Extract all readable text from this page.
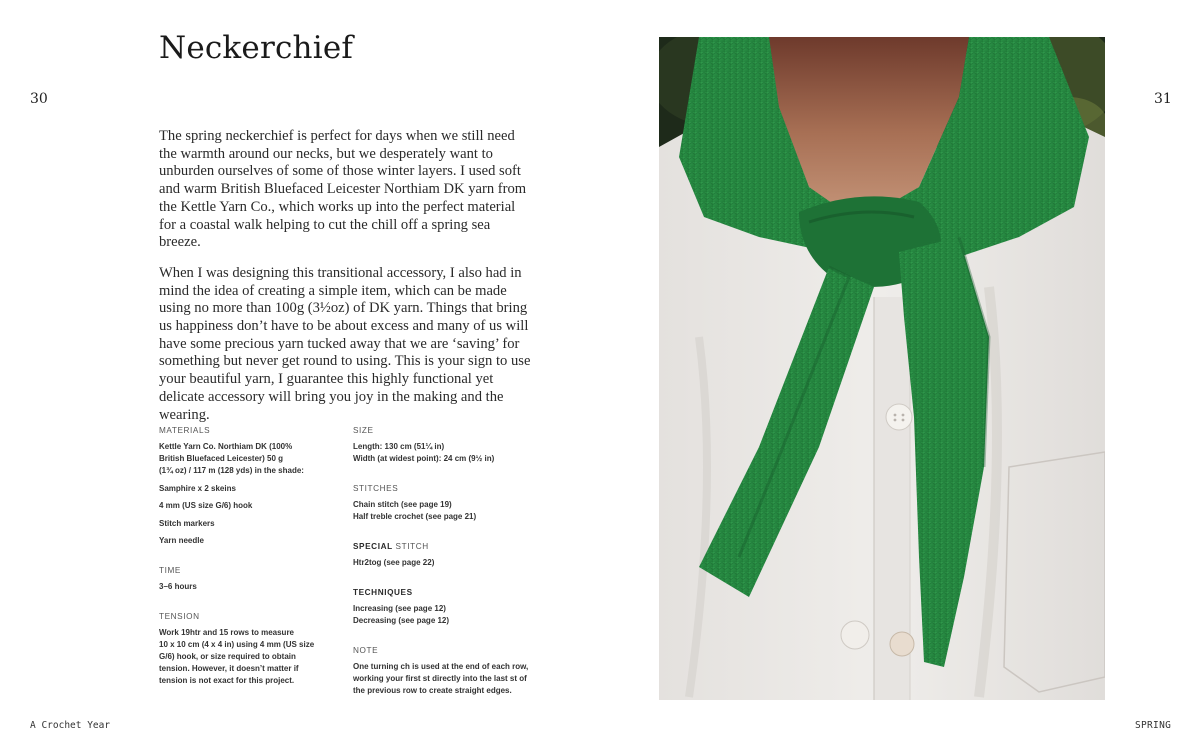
30	31
Neckerchief

The spring neckerchief is perfect for days when we still need the warmth around our necks, but we desperately want to unburden ourselves of some of those winter layers. I used soft and warm British Bluefaced Leicester Northiam DK yarn from the Kettle Yarn Co., which works up into the perfect material for a coastal walk helping to cut the chill off a spring sea breeze.

When I was designing this transitional accessory, I also had in mind the idea of creating a simple item, which can be made using no more than 100g (3½oz) of DK yarn. Things that bring us happiness don’t have to be about excess and many of us will have some precious yarn tucked away that we are ‘saving’ for something but never get round to using. This is your sign to use your beautiful yarn, I guarantee this highly functional yet delicate accessory will bring you joy in the making and the wearing.

MATERIALS
Kettle Yarn Co. Northiam DK (100%
British Bluefaced Leicester) 50 g
(1¾ oz) / 117 m (128 yds) in the shade:
Samphire x 2 skeins
4 mm (US size G/6) hook
Stitch markers
Yarn needle
TIME
3–6 hours
TENSION
Work 19htr and 15 rows to measure
10 x 10 cm (4 x 4 in) using 4 mm (US size
G/6) hook, or size required to obtain
tension. However, it doesn’t matter if
tension is not exact for this project.
SIZE
Length: 130 cm (51¼ in)
Width (at widest point): 24 cm (9½ in)
STITCHES
Chain stitch (see page 19)
Half treble crochet (see page 21)
SPECIAL STITCH
Htr2tog (see page 22)
TECHNIQUES
Increasing (see page 12)
Decreasing (see page 12)
NOTE
One turning ch is used at the end of each row,
working your first st directly into the last st of
the previous row to create straight edges.
A Crochet Year	SPRING
